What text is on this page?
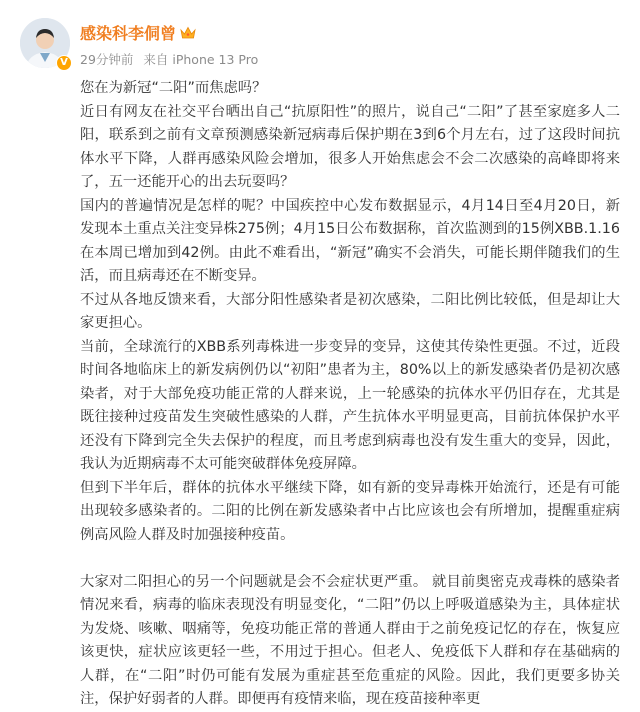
V
感染科李侗曾
29分钟前 来自 iPhone 13 Pro

您在为新冠“二阳”而焦虑吗？

近日有网友在社交平台晒出自己“抗原阳性”的照片，说自己“二阳”了甚至家庭多人二阳，联系到之前有文章预测感染新冠病毒后保护期在3到6个月左右，过了这段时间抗体水平下降，人群再感染风险会增加，很多人开始焦虑会不会二次感染的高峰即将来了，五一还能开心的出去玩耍吗？

国内的普遍情况是怎样的呢？中国疾控中心发布数据显示，4月14日至4月20日，新发现本土重点关注变异株275例；4月15日公布数据称，首次监测到的15例XBB.1.16在本周已增加到42例。由此不难看出，“新冠”确实不会消失，可能长期伴随我们的生活，而且病毒还在不断变异。

不过从各地反馈来看，大部分阳性感染者是初次感染，二阳比例比较低，但是却让大家更担心。

当前，全球流行的XBB系列毒株进一步变异的变异，这使其传染性更强。不过，近段时间各地临床上的新发病例仍以“初阳”患者为主，80%以上的新发感染者仍是初次感染者，对于大部免疫功能正常的人群来说，上一轮感染的抗体水平仍旧存在，尤其是既往接种过疫苗发生突破性感染的人群，产生抗体水平明显更高，目前抗体保护水平还没有下降到完全失去保护的程度，而且考虑到病毒也没有发生重大的变异，因此，我认为近期病毒不太可能突破群体免疫屏障。

但到下半年后，群体的抗体水平继续下降，如有新的变异毒株开始流行，还是有可能出现较多感染者的。二阳的比例在新发感染者中占比应该也会有所增加，提醒重症病例高风险人群及时加强接种疫苗。

大家对二阳担心的另一个问题就是会不会症状更严重。 就目前奥密克戎毒株的感染者情况来看，病毒的临床表现没有明显变化，“二阳”仍以上呼吸道感染为主，具体症状为发烧、咳嗽、咽痛等，免疫功能正常的普通人群由于之前免疫记忆的存在，恢复应该更快，症状应该更轻一些，不用过于担心。但老人、免疫低下人群和存在基础病的人群，在“二阳”时仍可能有发展为重症甚至危重症的风险。因此，我们更要多协关注，保护好弱者的人群。即便再有疫情来临，现在疫苗接种率更
